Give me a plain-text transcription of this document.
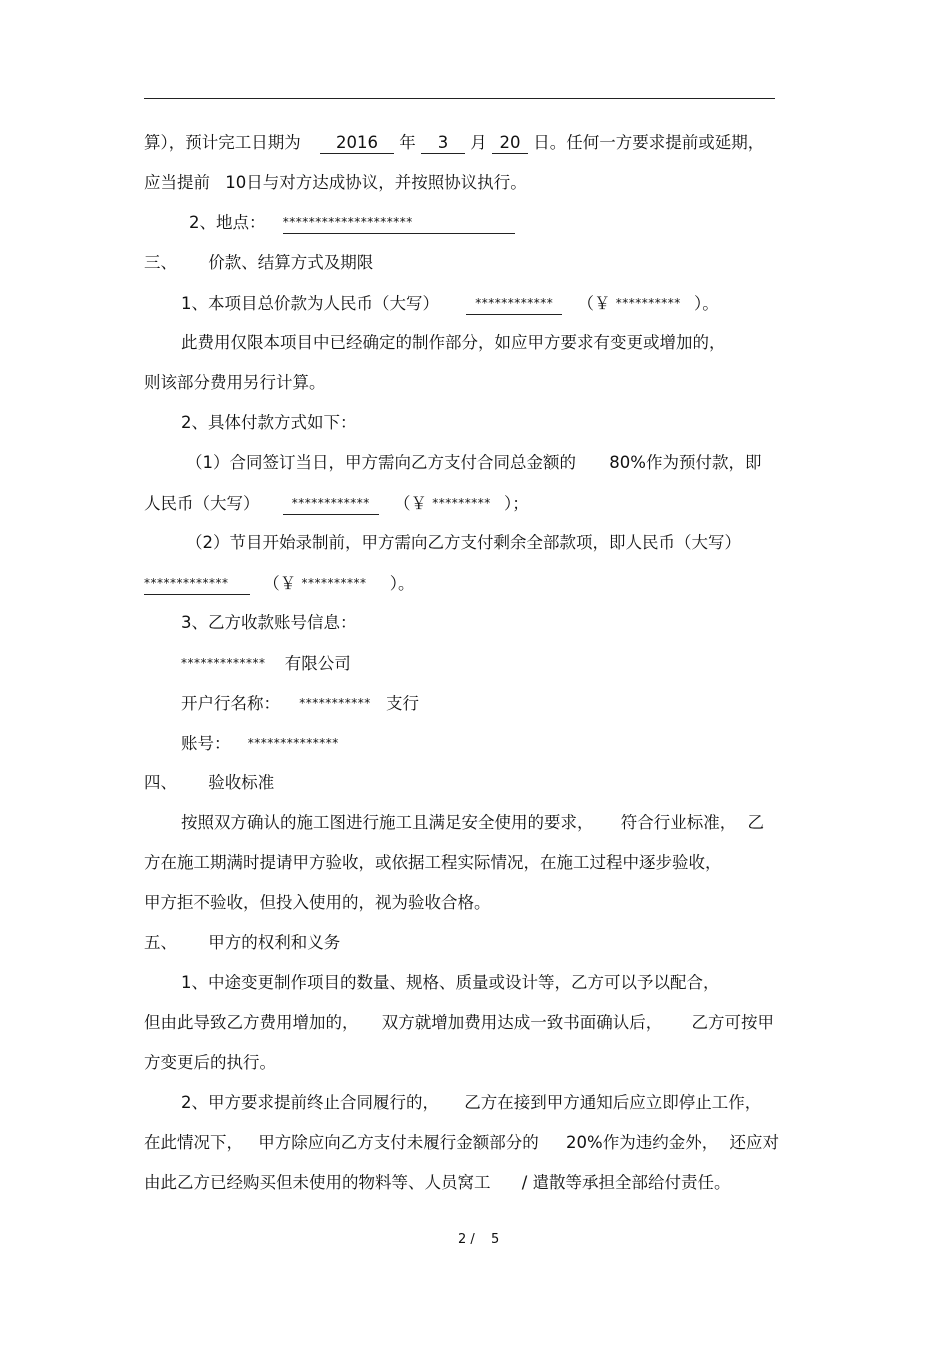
算），预计完工日期为 2016 年 3 月 20 日。任何一方要求提前或延期，
应当提前 10日与对方达成协议，并按照协议执行。
2、地点： ********************
三、 价款、结算方式及期限
1、本项目总价款为人民币（大写）	************ （￥ ********** ）。
此费用仅限本项目中已经确定的制作部分，如应甲方要求有变更或增加的，
则该部分费用另行计算。
2、具体付款方式如下：
（1）合同签订当日，甲方需向乙方支付合同总金额的 80%作为预付款，即
人民币（大写）	************ （￥ ********* ）；
（2）节目开始录制前，甲方需向乙方支付剩余全部款项，即人民币（大写）
************* （￥ ********** ）。
3、乙方收款账号信息：
************* 有限公司
开户行名称： *********** 支行
账号： **************
四、 验收标准
按照双方确认的施工图进行施工且满足安全使用的要求， 符合行业标准， 乙
方在施工期满时提请甲方验收，或依据工程实际情况，在施工过程中逐步验收，
甲方拒不验收，但投入使用的，视为验收合格。
五、 甲方的权利和义务
1、中途变更制作项目的数量、规格、质量或设计等，乙方可以予以配合，
但由此导致乙方费用增加的， 双方就增加费用达成一致书面确认后， 乙方可按甲
方变更后的执行。
2、甲方要求提前终止合同履行的， 乙方在接到甲方通知后应立即停止工作，
在此情况下， 甲方除应向乙方支付未履行金额部分的 20%作为违约金外， 还应对
由此乙方已经购买但未使用的物料等、人员窝工 / 遣散等承担全部给付责任。
2 / 5
